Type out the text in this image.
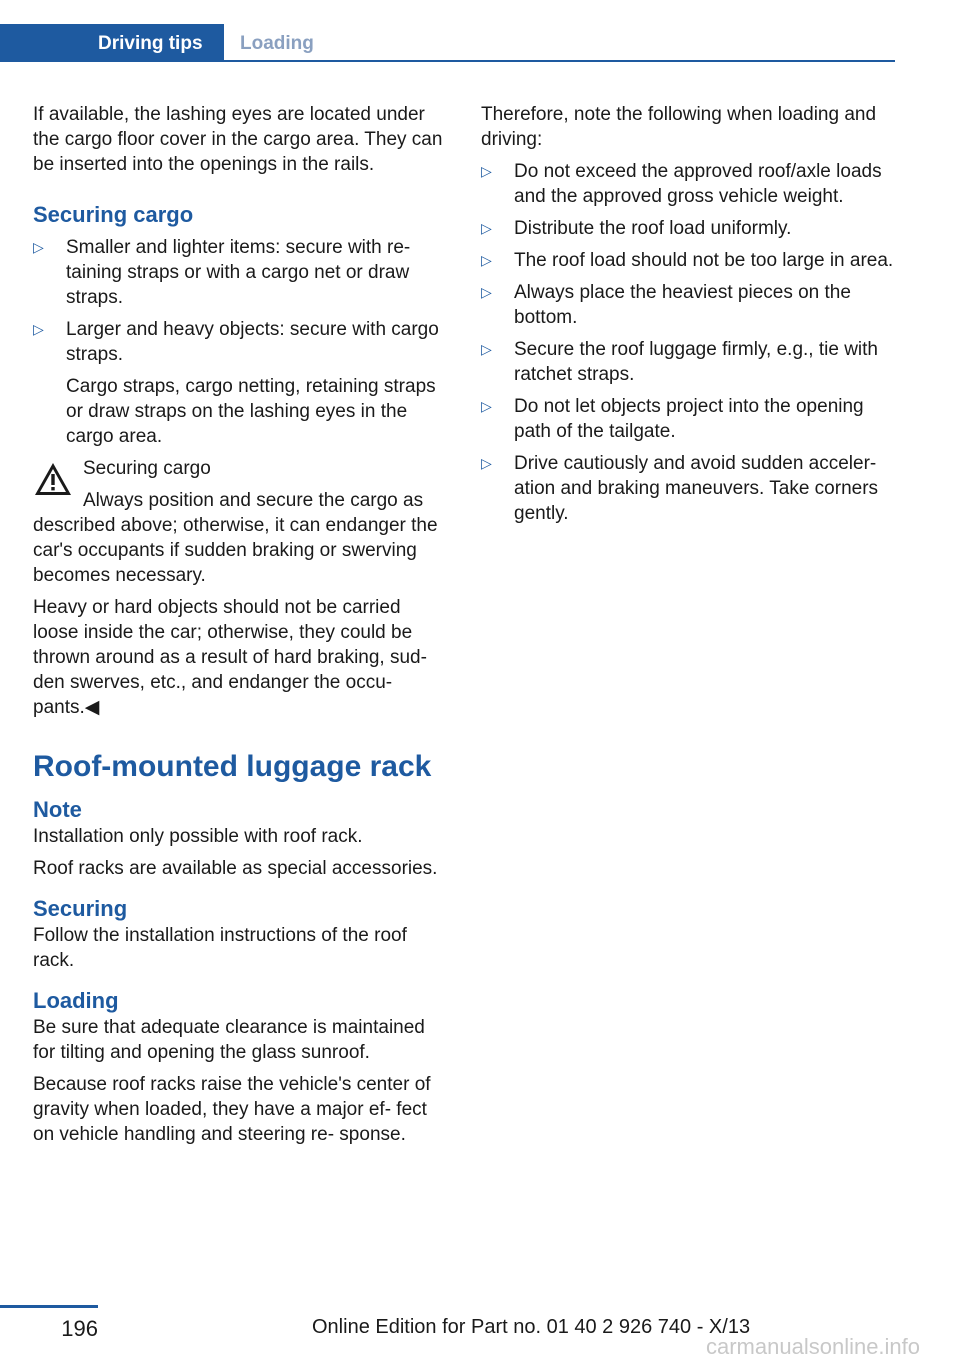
Driving tips	Loading

If available, the lashing eyes are located under the cargo floor cover in the cargo area. They can be inserted into the openings in the rails.

Securing cargo
▷ Smaller and lighter items: secure with re‐ taining straps or with a cargo net or draw straps.
▷ Larger and heavy objects: secure with cargo straps.

Cargo straps, cargo netting, retaining straps or draw straps on the lashing eyes in the cargo area.

Securing cargo

Always position and secure the cargo as described above; otherwise, it can endanger the car's occupants if sudden braking or swerving becomes necessary.

Heavy or hard objects should not be carried loose inside the car; otherwise, they could be thrown around as a result of hard braking, sud‐ den swerves, etc., and endanger the occu‐ pants.◀

Roof-mounted luggage rack
Note

Installation only possible with roof rack.

Roof racks are available as special accessories.

Securing

Follow the installation instructions of the roof rack.

Loading

Be sure that adequate clearance is maintained for tilting and opening the glass sunroof.

Because roof racks raise the vehicle's center of gravity when loaded, they have a major ef‐ fect on vehicle handling and steering re‐ sponse.

Therefore, note the following when loading and driving:

▷ Do not exceed the approved roof/axle loads and the approved gross vehicle weight.
▷ Distribute the roof load uniformly.
▷ The roof load should not be too large in area.
▷ Always place the heaviest pieces on the bottom.
▷ Secure the roof luggage firmly, e.g., tie with ratchet straps.
▷ Do not let objects project into the opening path of the tailgate.
▷ Drive cautiously and avoid sudden acceler‐ ation and braking maneuvers. Take corners gently.
196	Online Edition for Part no. 01 40 2 926 740 - X/13
carmanualsonline.info
